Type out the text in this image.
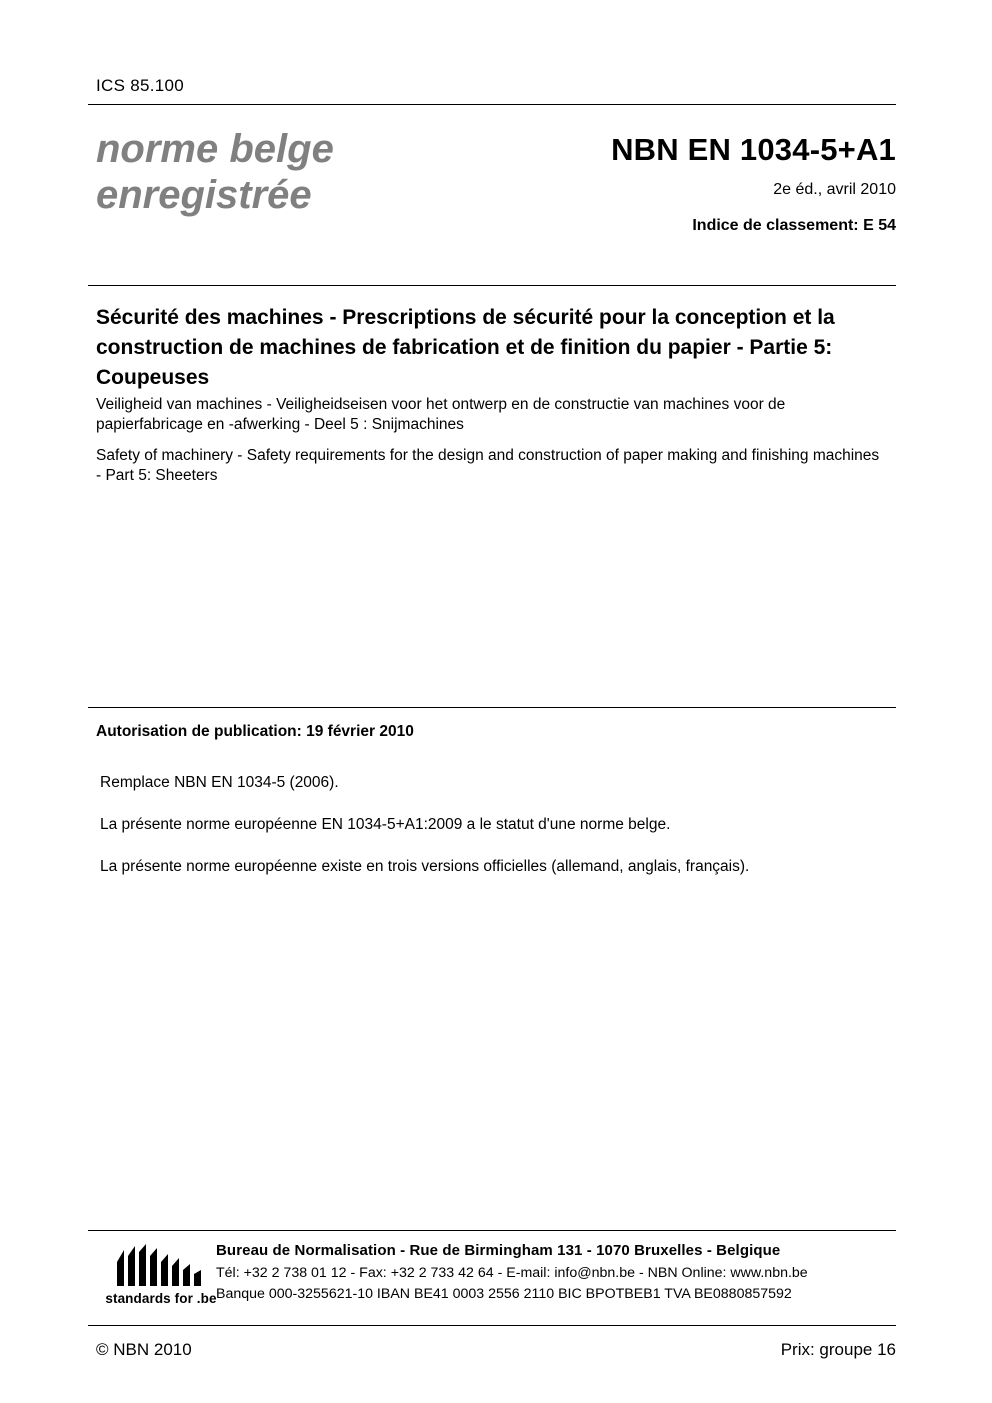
ICS 85.100
norme belge
enregistrée
NBN EN 1034-5+A1
2e éd., avril 2010
Indice de classement: E 54
Sécurité des machines - Prescriptions de sécurité pour la conception et la construction de machines de fabrication et de finition du papier - Partie 5: Coupeuses
Veiligheid van machines - Veiligheidseisen voor het ontwerp en de constructie van machines voor de papierfabricage en -afwerking - Deel 5 : Snijmachines
Safety of machinery - Safety requirements for the design and construction of paper making and finishing machines - Part 5: Sheeters
Autorisation de publication: 19 février 2010

Remplace NBN EN 1034-5 (2006).

La présente norme européenne EN 1034-5+A1:2009 a le statut d'une norme belge.

La présente norme européenne existe en trois versions officielles (allemand, anglais, français).

standards for .be
Bureau de Normalisation - Rue de Birmingham 131 - 1070 Bruxelles - Belgique
Tél: +32 2 738 01 12 - Fax: +32 2 733 42 64 - E-mail: info@nbn.be - NBN Online: www.nbn.be
Banque 000-3255621-10 IBAN BE41 0003 2556 2110 BIC BPOTBEB1 TVA BE0880857592
© NBN 2010	Prix: groupe 16
